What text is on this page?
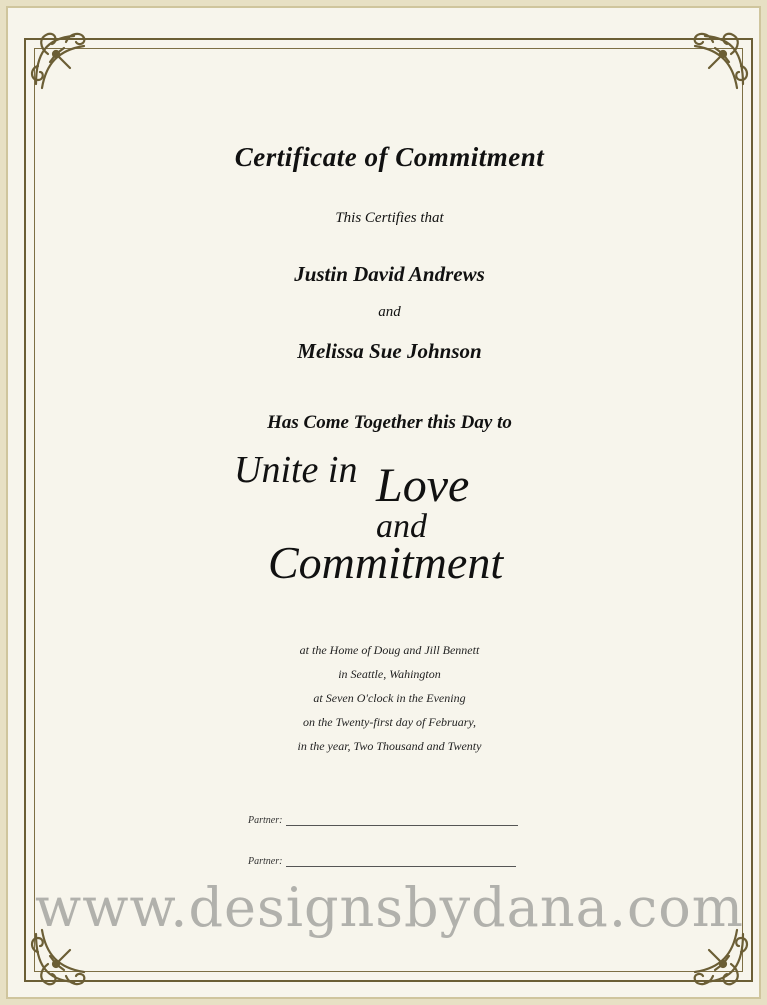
Certificate of Commitment
This Certifies that
Justin David Andrews
and
Melissa Sue Johnson
Has Come Together this Day to
Unite in Love
and
Commitment
at the Home of Doug and Jill Bennett
in Seattle, Wahington
at Seven O'clock in the Evening
on the Twenty-first day of February,
in the year, Two Thousand and Twenty
Partner:
Partner:
www.designsbydana.com
